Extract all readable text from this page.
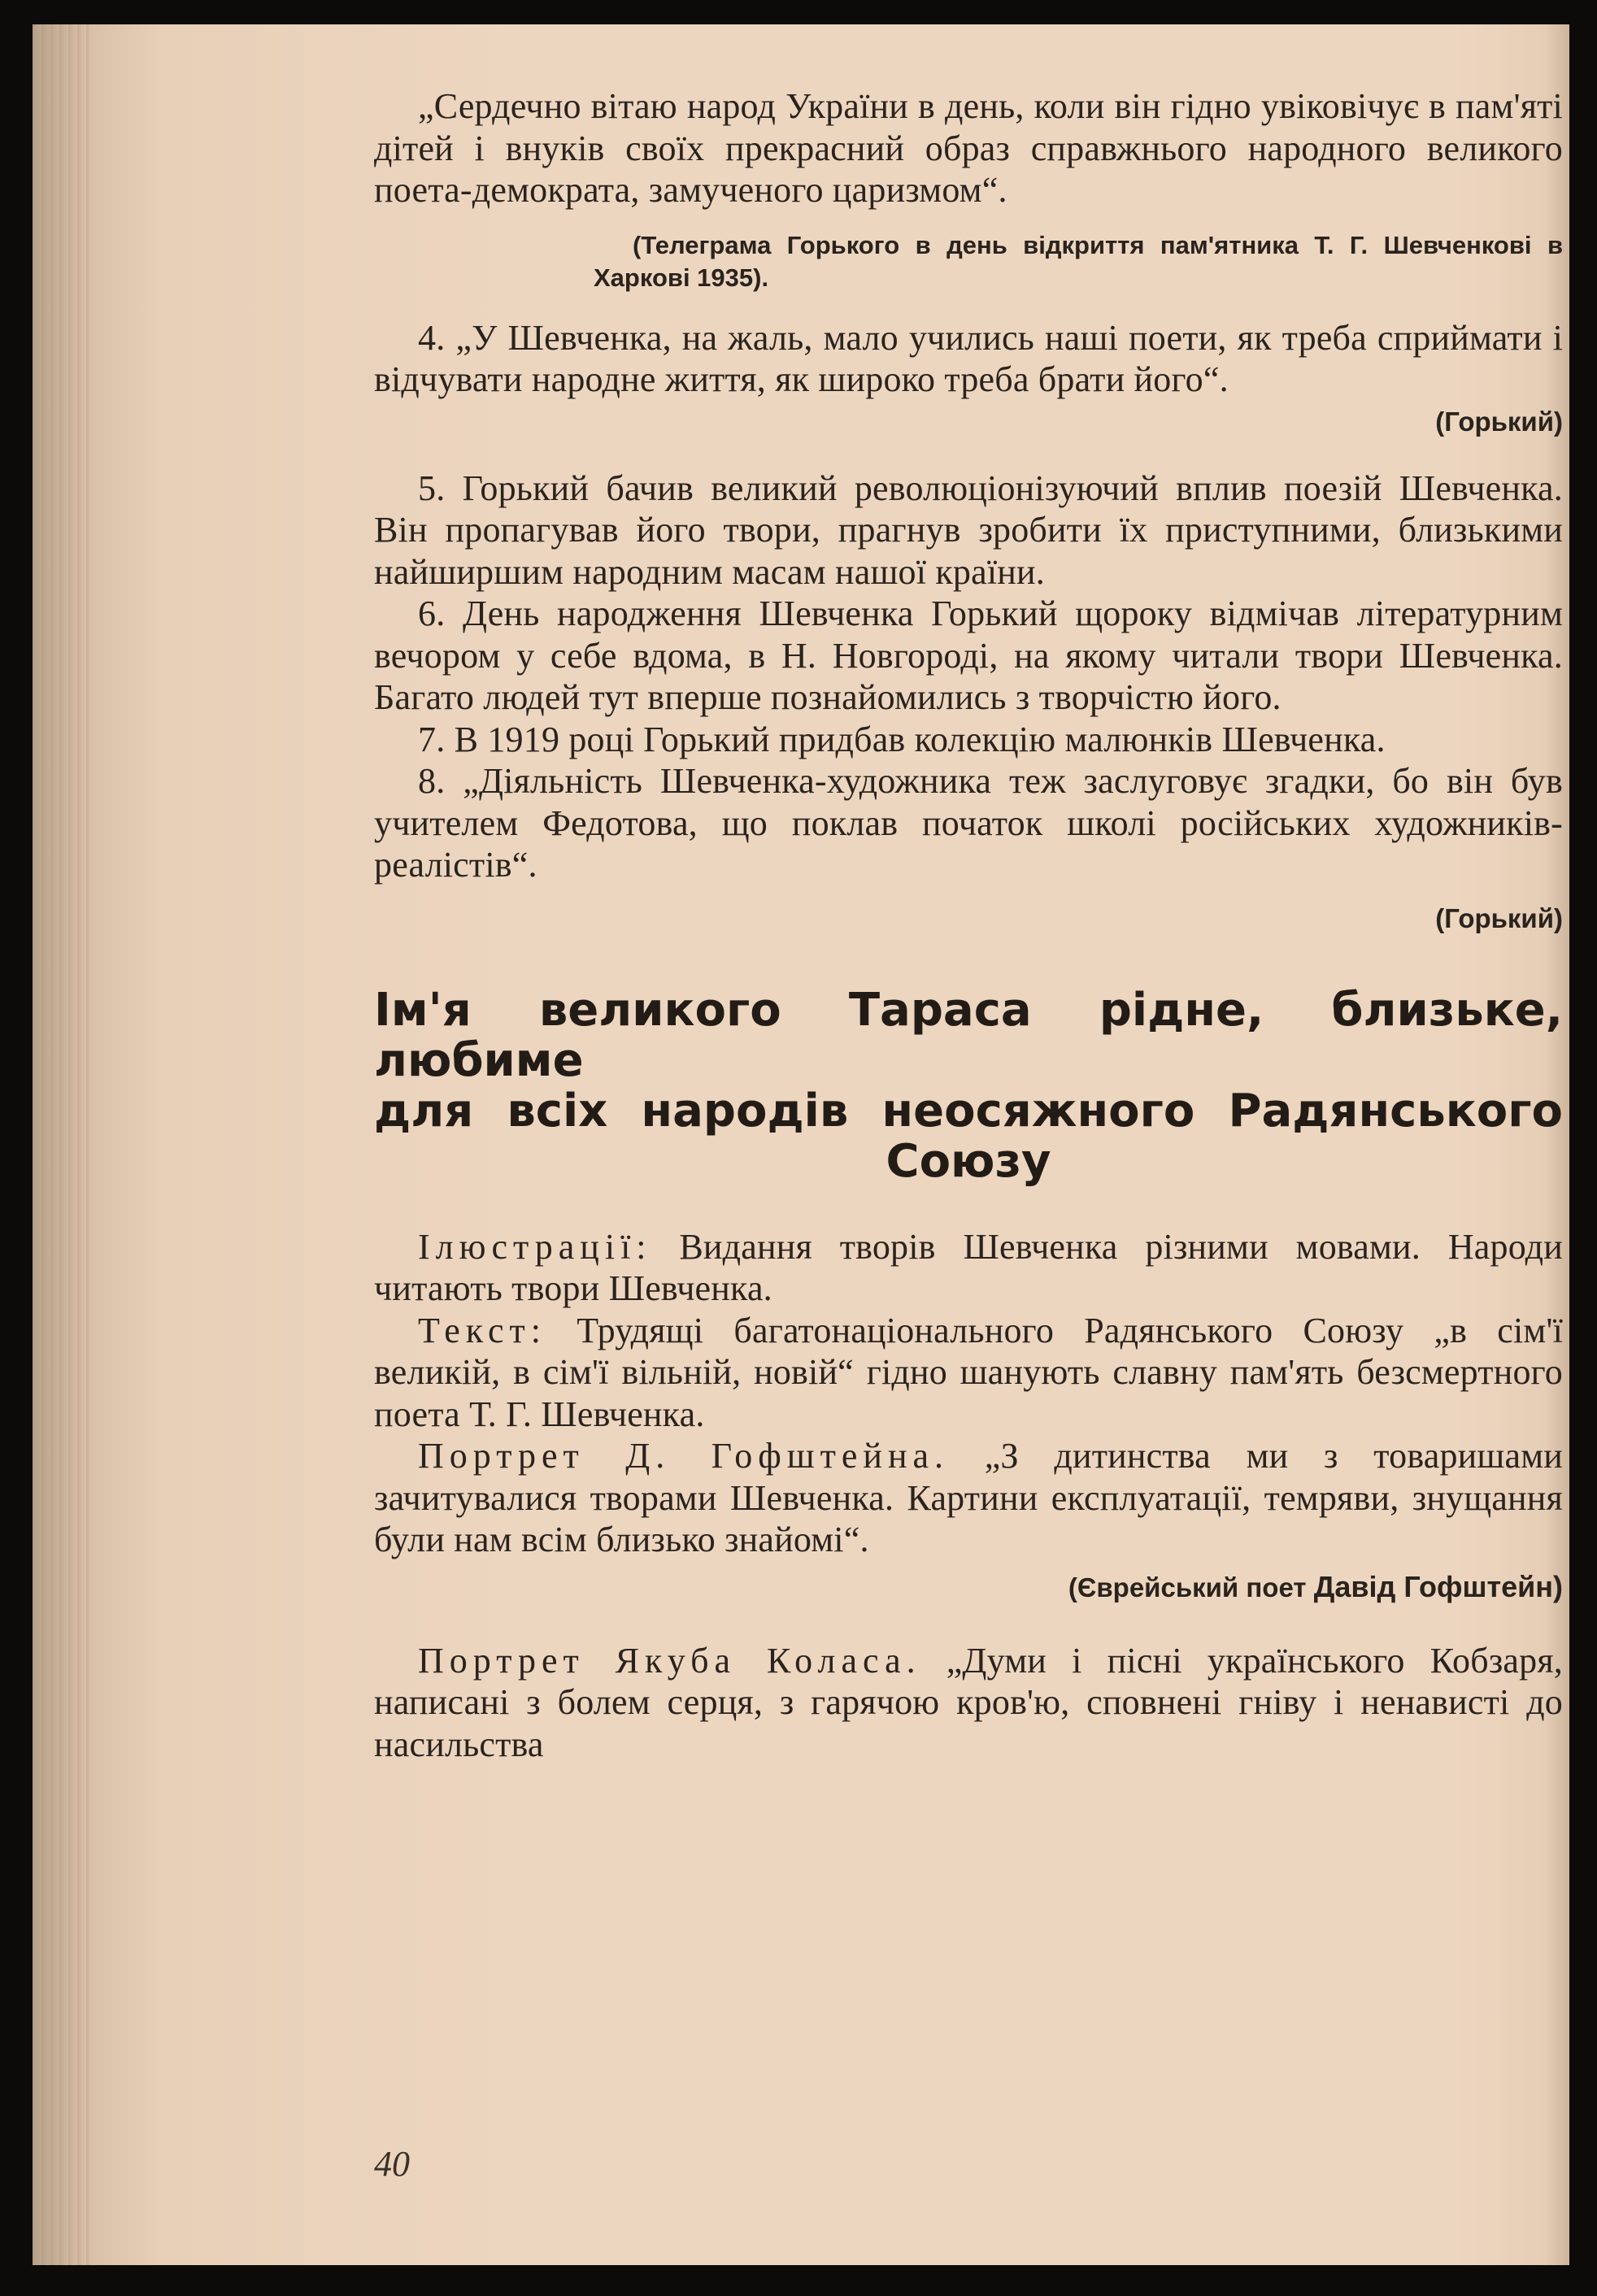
„Сердечно вітаю народ України в день, коли він гідно увіковічує в пам'яті дітей і внуків своїх прекрасний образ справжнього народного великого поета-демократа, замученого царизмом“.

(Телеграма Горького в день відкриття пам'ятника Т. Г. Шевченкові в Харкові 1935).

4. „У Шевченка, на жаль, мало учились наші поети, як треба сприймати і відчувати народне життя, як широко треба брати його“.

(Горький)

5. Горький бачив великий революціонізуючий вплив поезій Шевченка. Він пропагував його твори, прагнув зробити їх приступними, близькими найширшим народним масам нашої країни.

6. День народження Шевченка Горький щороку відмічав літературним вечором у себе вдома, в Н. Новгороді, на якому читали твори Шевченка. Багато людей тут вперше познайомились з творчістю його.

7. В 1919 році Горький придбав колекцію малюнків Шевченка.

8. „Діяльність Шевченка-художника теж заслуговує згадки, бо він був учителем Федотова, що поклав початок школі російських художників-реалістів“.

(Горький)

Ім'я великого Тараса рідне, близьке, любиме

для всіх народів неосяжного Радянського

Союзу

Ілюстрації: Видання творів Шевченка різними мовами. Народи читають твори Шевченка.

Текст: Трудящі багатонаціонального Радянського Союзу „в сім'ї великій, в сім'ї вільній, новій“ гідно шанують славну пам'ять безсмертного поета Т. Г. Шевченка.

Портрет Д. Гофштейна. „З дитинства ми з товаришами зачитувалися творами Шевченка. Картини експлуатації, темряви, знущання були нам всім близько знайомі“.

(Єврейський поет Давід Гофштейн)

Портрет Якуба Коласа. „Думи і пісні українського Кобзаря, написані з болем серця, з гарячою кров'ю, сповнені гніву і ненависті до насильства

40
